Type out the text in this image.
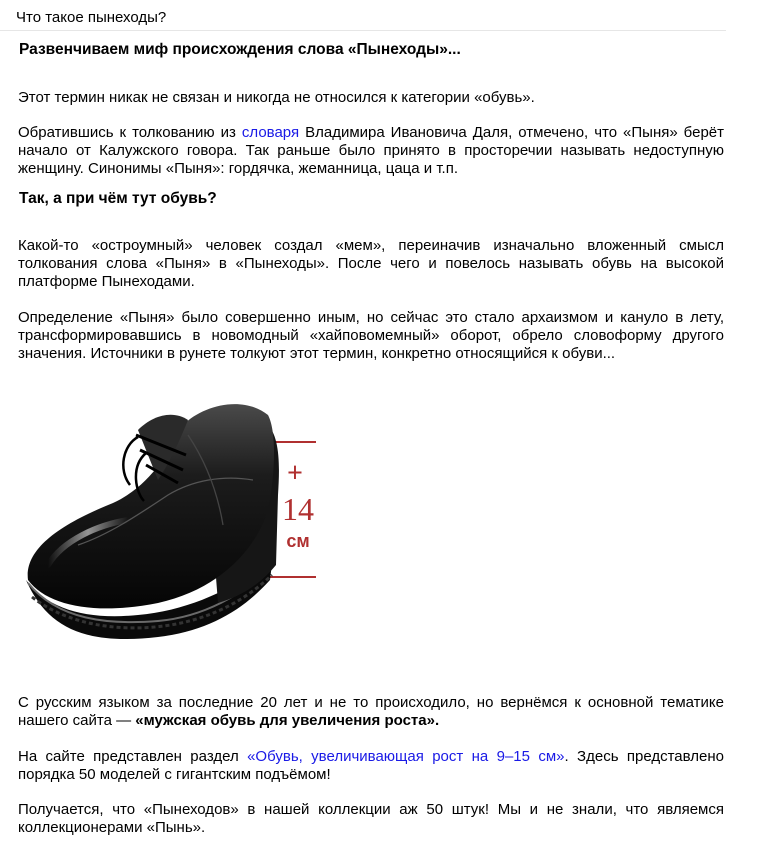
Что такое пынеходы?
Развенчиваем миф происхождения слова «Пынеходы»...

Этот термин никак не связан и никогда не относился к категории «обувь».

Обратившись к толкованию из словаря Владимира Ивановича Даля, отмечено, что «Пыня» берёт начало от Калужского говора. Так раньше было принято в просторечии называть недоступную женщину. Синонимы «Пыня»: гордячка, жеманница, цаца и т.п.

Так, а при чём тут обувь?

Какой-то «остроумный» человек создал «мем», переиначив изначально вложенный смысл толкования слова «Пыня» в «Пынеходы». После чего и повелось называть обувь на высокой платформе Пынеходами.

Определение «Пыня» было совершенно иным, но сейчас это стало архаизмом и кануло в лету, трансформировавшись в новомодный «хайповомемный» оборот, обрело словоформу другого значения. Источники в рунете толкуют этот термин, конкретно относящийся к обуви...

+
14
см

С русским языком за последние 20 лет и не то происходило, но вернёмся к основной тематике нашего сайта — «мужская обувь для увеличения роста».

На сайте представлен раздел «Обувь, увеличивающая рост на 9–15 см». Здесь представлено порядка 50 моделей с гигантским подъёмом!

Получается, что «Пынеходов» в нашей коллекции аж 50 штук! Мы и не знали, что являемся коллекционерами «Пынь».
